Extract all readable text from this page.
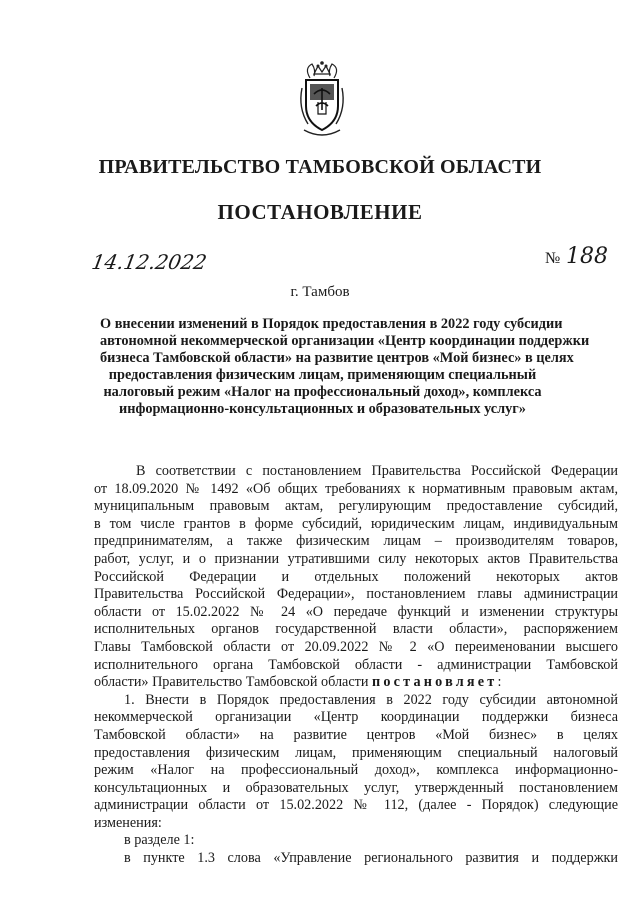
ПРАВИТЕЛЬСТВО ТАМБОВСКОЙ ОБЛАСТИ
ПОСТАНОВЛЕНИЕ
14.12.2022	№ 188
г. Тамбов
О внесении изменений в Порядок предоставления в 2022 году субсидии
автономной некоммерческой организации «Центр координации поддержки
бизнеса Тамбовской области» на развитие центров «Мой бизнес» в целях
предоставления физическим лицам, применяющим специальный
налоговый режим «Налог на профессиональный доход», комплекса
информационно-консультационных и образовательных услуг»
В соответствии с постановлением Правительства Российской Федерации
от 18.09.2020 № 1492 «Об общих требованиях к нормативным правовым актам,
муниципальным правовым актам, регулирующим предоставление субсидий,
в том числе грантов в форме субсидий, юридическим лицам, индивидуальным
предпринимателям, а также физическим лицам – производителям товаров,
работ, услуг, и о признании утратившими силу некоторых актов Правительства
Российской Федерации и отдельных положений некоторых актов
Правительства Российской Федерации», постановлением главы администрации
области от 15.02.2022 № 24 «О передаче функций и изменении структуры
исполнительных органов государственной власти области», распоряжением
Главы Тамбовской области от 20.09.2022 № 2 «О переименовании высшего
исполнительного органа Тамбовской области - администрации Тамбовской
области» Правительство Тамбовской области постановляет:
1. Внести в Порядок предоставления в 2022 году субсидии автономной
некоммерческой организации «Центр координации поддержки бизнеса
Тамбовской области» на развитие центров «Мой бизнес» в целях
предоставления физическим лицам, применяющим специальный налоговый
режим «Налог на профессиональный доход», комплекса информационно-
консультационных и образовательных услуг, утвержденный постановлением
администрации области от 15.02.2022 № 112, (далее - Порядок) следующие
изменения:
в разделе 1:
в пункте 1.3 слова «Управление регионального развития и поддержки
